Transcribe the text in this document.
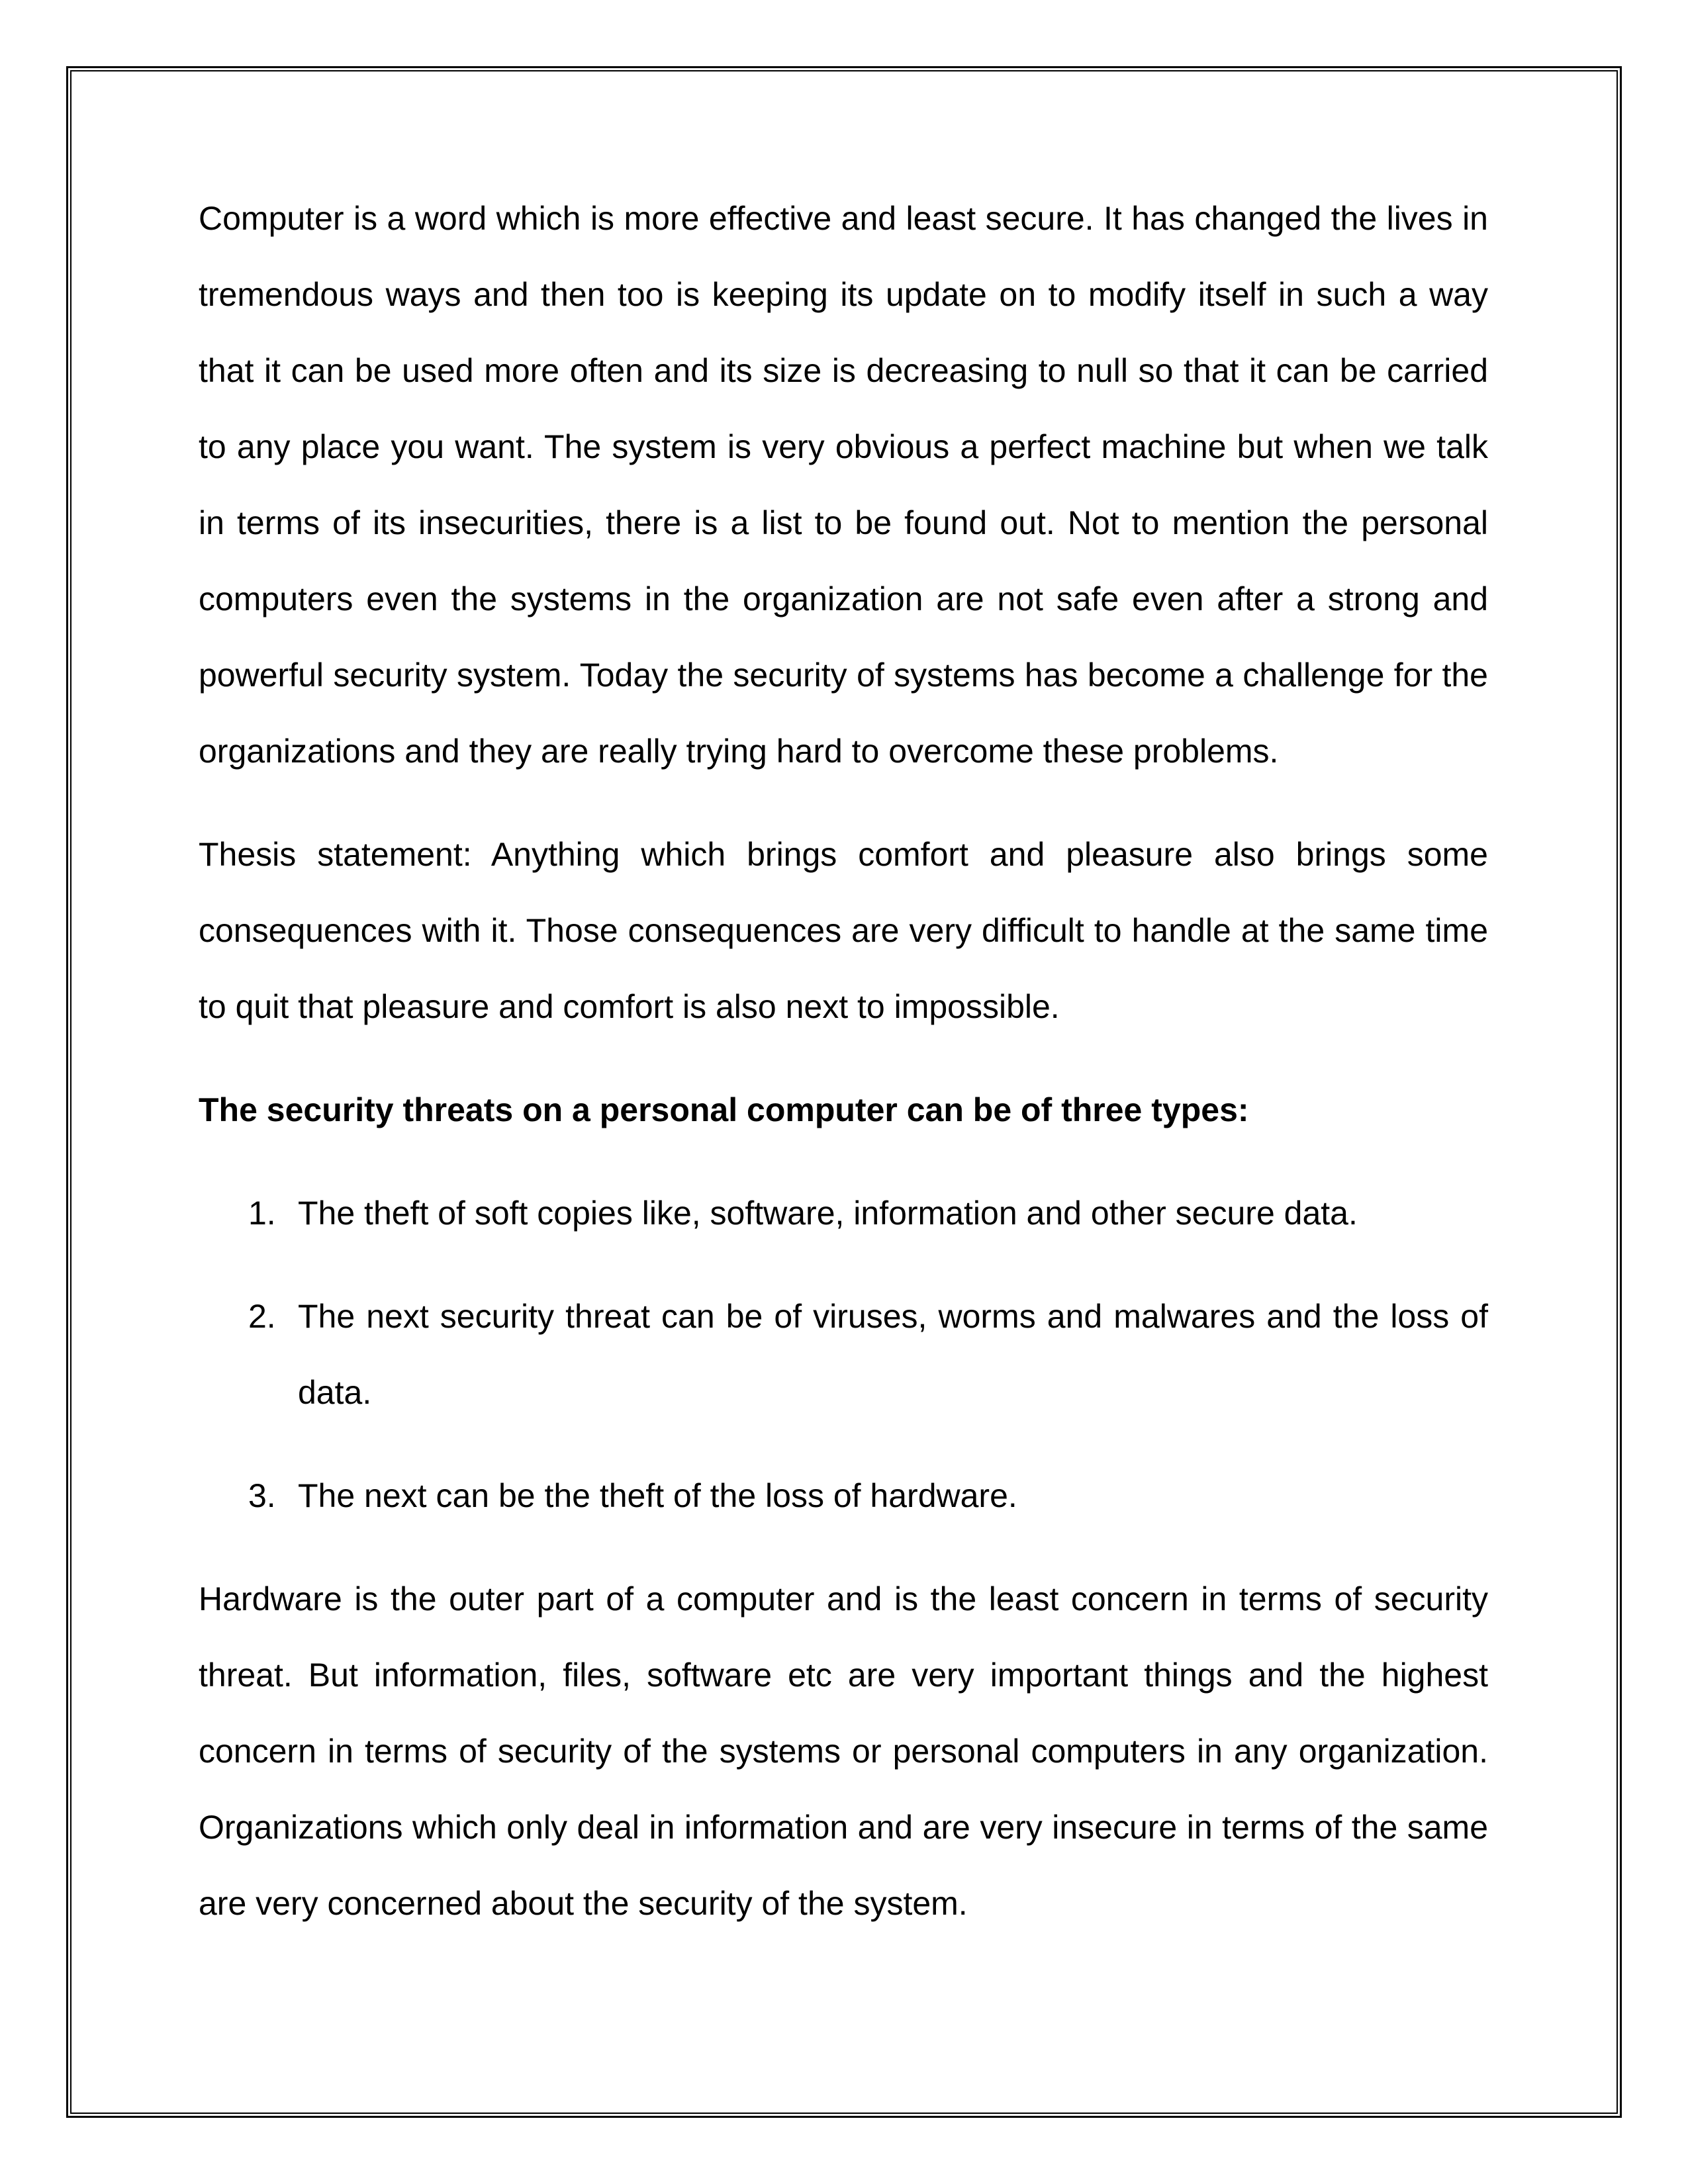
Computer is a word which is more effective and least secure. It has changed the lives in tremendous ways and then too is keeping its update on to modify itself in such a way that it can be used more often and its size is decreasing to null so that it can be carried to any place you want. The system is very obvious a perfect machine but when we talk in terms of its insecurities, there is a list to be found out. Not to mention the personal computers even the systems in the organization are not safe even after a strong and powerful security system. Today the security of systems has become a challenge for the organizations and they are really trying hard to overcome these problems.

Thesis statement: Anything which brings comfort and pleasure also brings some consequences with it. Those consequences are very difficult to handle at the same time to quit that pleasure and comfort is also next to impossible.

The security threats on a personal computer can be of three types:

1. The theft of soft copies like, software, information and other secure data.
2. The next security threat can be of viruses, worms and malwares and the loss of data.
3. The next can be the theft of the loss of hardware.

Hardware is the outer part of a computer and is the least concern in terms of security threat. But information, files, software etc are very important things and the highest concern in terms of security of the systems or personal computers in any organization. Organizations which only deal in information and are very insecure in terms of the same are very concerned about the security of the system.
